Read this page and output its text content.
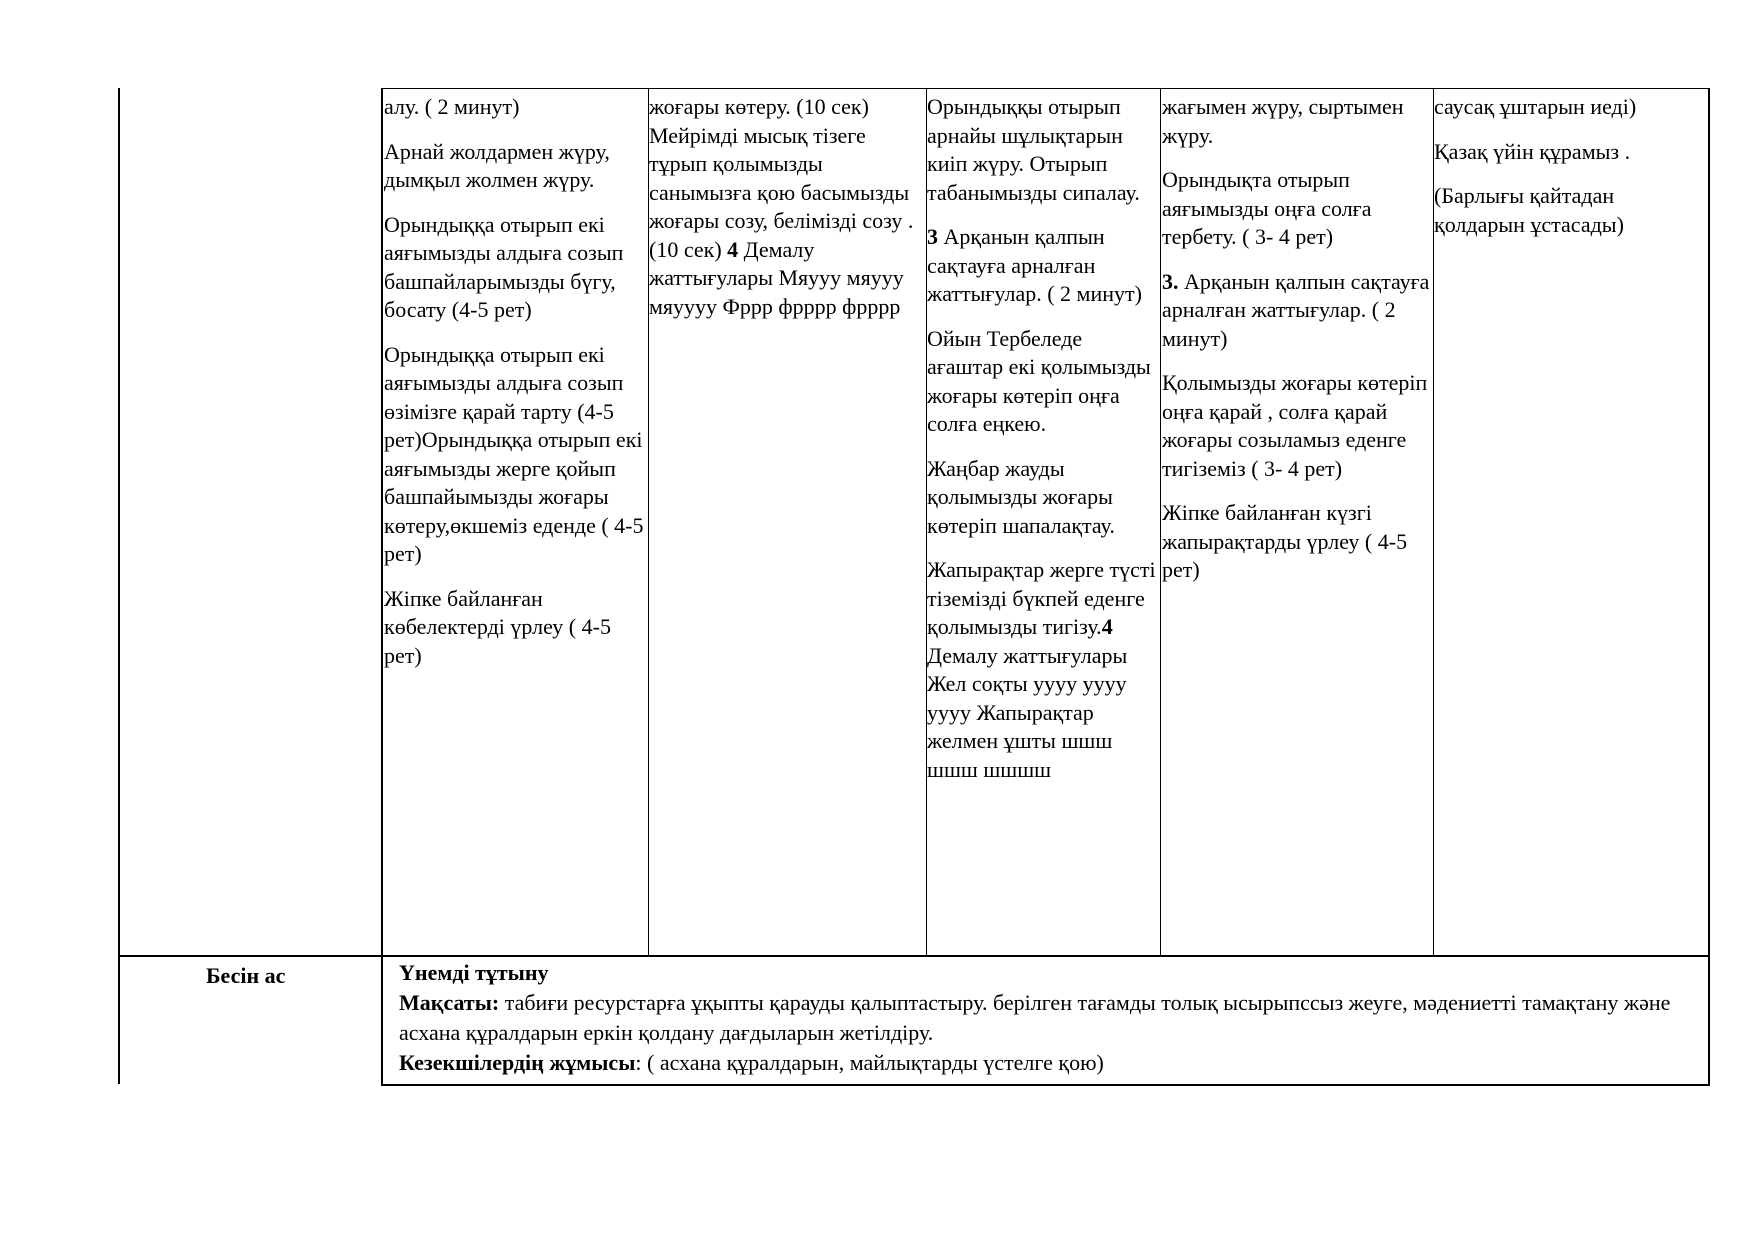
алу. ( 2 минут)

Арнай жолдармен жүру, дымқыл жолмен жүру.

Орындыққа отырып екі аяғымызды алдыға созып башпайларымызды бүгу, босату (4-5 рет)

Орындыққа отырып екі аяғымызды алдыға созып өзімізге қарай тарту (4-5 рет)Орындыққа отырып екі аяғымызды жерге қойып башпайымызды жоғары көтеру,өкшеміз еденде ( 4-5 рет)

Жіпке байланған көбелектерді үрлеу ( 4-5 рет)

жоғары көтеру. (10 сек) Мейрімді мысық тізеге тұрып қолымызды санымызға қою басымызды жоғары созу, белімізді созу . (10 сек) 4 Демалу жаттығулары Мяууу мяууу мяуууу Фррр фрррр фрррр

Орындыққы отырып арнайы шұлықтарын киіп жүру. Отырып табанымызды сипалау.

3 Арқанын қалпын сақтауға арналған жаттығулар. ( 2 минут)

Ойын Тербеледе ағаштар екі қолымызды жоғары көтеріп оңға солға еңкею.

Жаңбар жауды қолымызды жоғары көтеріп шапалақтау.

Жапырақтар жерге түсті тіземізді бүкпей еденге қолымызды тигізу.4 Демалу жаттығулары Жел соқты уууу уууу уууу Жапырақтар желмен ұшты шшш шшш шшшш

жағымен жүру, сыртымен жүру.

Орындықта отырып аяғымызды оңға солға тербету. ( 3- 4 рет)

3. Арқанын қалпын сақтауға арналған жаттығулар. ( 2 минут)

Қолымызды жоғары көтеріп оңға қарай , солға қарай жоғары созыламыз еденге тигіземіз ( 3- 4 рет)

Жіпке байланған күзгі жапырақтарды үрлеу ( 4-5 рет)

саусақ ұштарын иеді)

Қазақ үйін құрамыз .

(Барлығы қайтадан қолдарын ұстасады)

Бесін ас	Үнемді тұтыну
Мақсаты: табиғи ресурстарға ұқыпты қарауды қалыптастыру. берілген тағамды толық ысырыпссыз жеуге, мәдениетті тамақтану және асхана құралдарын еркін қолдану дағдыларын жетілдіру.
Кезекшілердің жұмысы: ( асхана құралдарын, майлықтарды үстелге қою)
